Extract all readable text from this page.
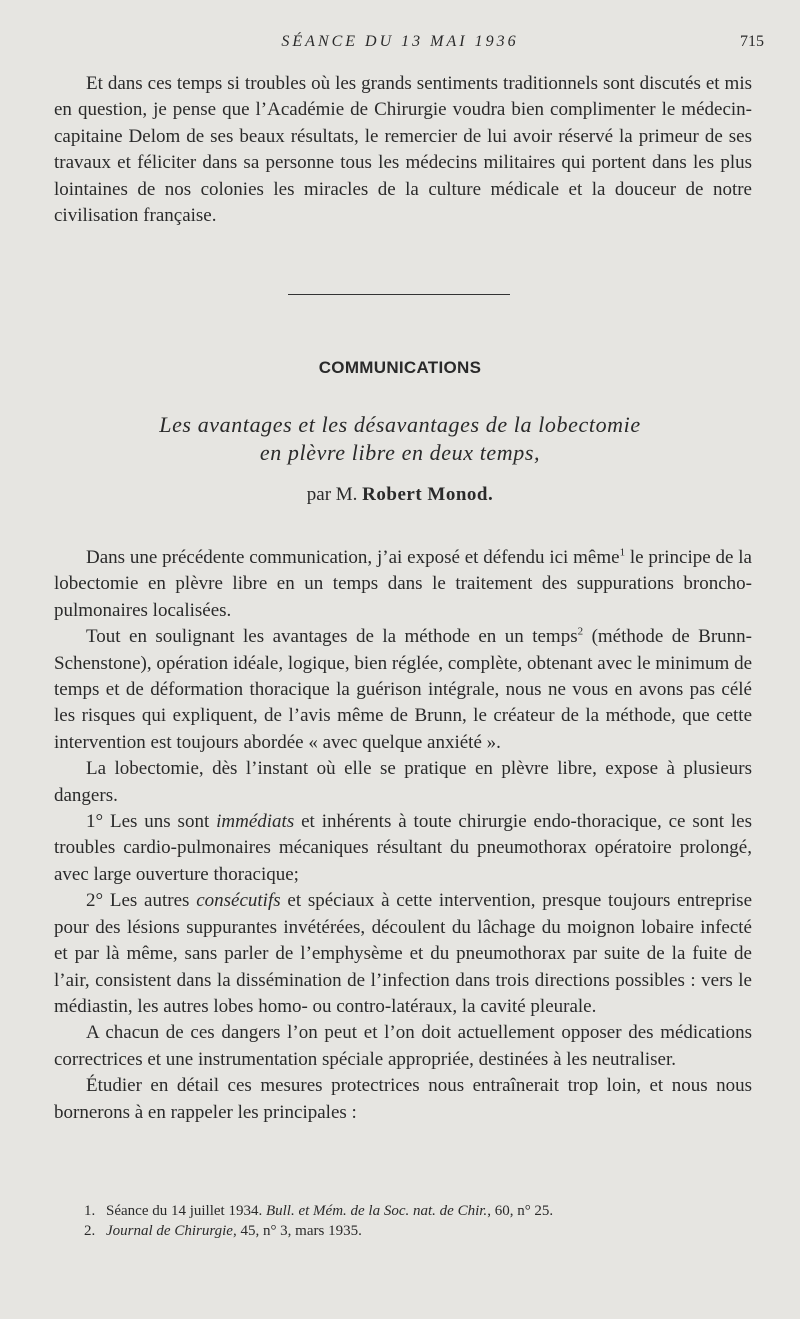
SÉANCE DU 13 MAI 1936	715

Et dans ces temps si troubles où les grands sentiments traditionnels sont discutés et mis en question, je pense que l’Académie de Chirurgie voudra bien complimenter le médecin-capitaine Delom de ses beaux résultats, le remercier de lui avoir réservé la primeur de ses travaux et féliciter dans sa personne tous les médecins militaires qui portent dans les plus lointaines de nos colonies les miracles de la culture médicale et la douceur de notre civilisation française.

COMMUNICATIONS
Les avantages et les désavantages de la lobectomie
en plèvre libre en deux temps,
par M. Robert Monod.

Dans une précédente communication, j’ai exposé et défendu ici même$^1$ le principe de la lobectomie en plèvre libre en un temps dans le traitement des suppurations broncho-pulmonaires localisées.

Tout en soulignant les avantages de la méthode en un temps$^2$ (méthode de Brunn-Schenstone), opération idéale, logique, bien réglée, complète, obtenant avec le minimum de temps et de déformation thoracique la guérison intégrale, nous ne vous en avons pas célé les risques qui expliquent, de l’avis même de Brunn, le créateur de la méthode, que cette intervention est toujours abordée « avec quelque anxiété ».

La lobectomie, dès l’instant où elle se pratique en plèvre libre, expose à plusieurs dangers.

1° Les uns sont immédiats et inhérents à toute chirurgie endo-thoracique, ce sont les troubles cardio-pulmonaires mécaniques résultant du pneumothorax opératoire prolongé, avec large ouverture thoracique;

2° Les autres consécutifs et spéciaux à cette intervention, presque toujours entreprise pour des lésions suppurantes invétérées, découlent du lâchage du moignon lobaire infecté et par là même, sans parler de l’emphysème et du pneumothorax par suite de la fuite de l’air, consistent dans la dissémination de l’infection dans trois directions possibles : vers le médiastin, les autres lobes homo- ou contro-latéraux, la cavité pleurale.

A chacun de ces dangers l’on peut et l’on doit actuellement opposer des médications correctrices et une instrumentation spéciale appropriée, destinées à les neutraliser.

Étudier en détail ces mesures protectrices nous entraînerait trop loin, et nous nous bornerons à en rappeler les principales :

1. Séance du 14 juillet 1934. Bull. et Mém. de la Soc. nat. de Chir., 60, n° 25.
2. Journal de Chirurgie, 45, n° 3, mars 1935.
